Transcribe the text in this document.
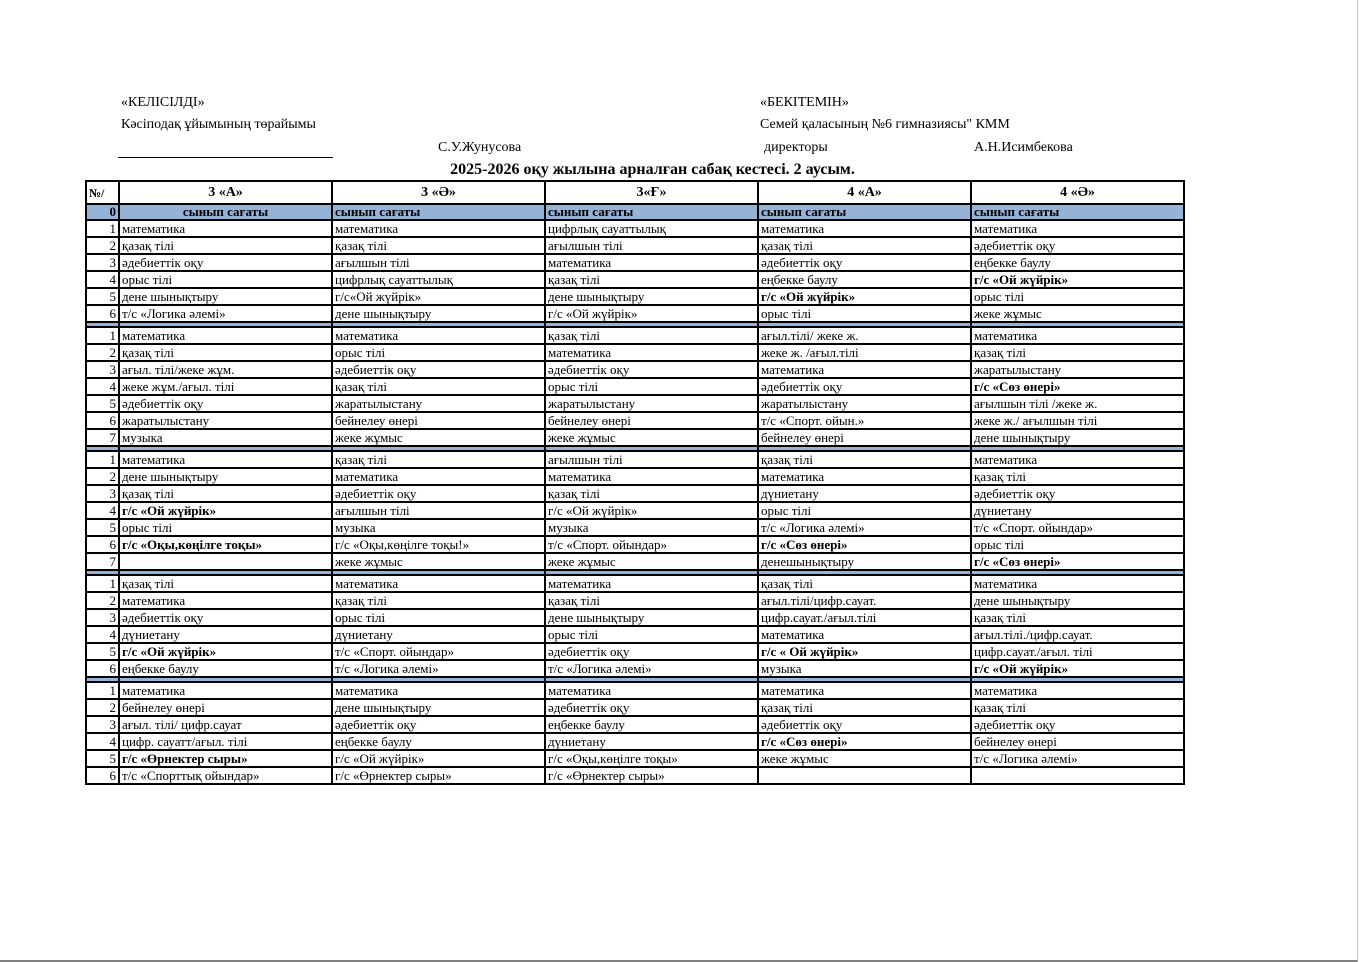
«КЕЛІСІЛДІ»
Кәсіподақ ұйымының төрайымы
С.У.Жунусова
«БЕКІТЕМІН»
Семей қаласының №6 гимназиясы" КММ
директоры	А.Н.Исимбекова
2025-2026 оқу жылына арналған сабақ кестесі. 2 аусым.
№/	3 «А»	3 «Ә»	3«Ғ»	4 «А»	4 «Ә»
0	сынып сағаты	сынып сағаты	сынып сағаты	сынып сағаты	сынып сағаты
1	математика	математика	цифрлық сауаттылық	математика	математика
2	қазақ тілі	қазақ тілі	ағылшын тілі	қазақ тілі	әдебиеттік оқу
3	әдебиеттік оқу	ағылшын тілі	математика	әдебиеттік оқу	еңбекке баулу
4	орыс тілі	цифрлық сауаттылық	қазақ тілі	еңбекке баулу	г/с «Ой жүйрік»
5	дене шынықтыру	г/с«Ой жүйрік»	дене шынықтыру	г/с «Ой жүйрік»	орыс тілі
6	т/с «Логика әлемі»	дене шынықтыру	г/с «Ой жүйрік»	орыс тілі	жеке жұмыс

1	математика	математика	қазақ тілі	ағыл.тілі/ жеке ж.	математика
2	қазақ тілі	орыс тілі	математика	жеке ж. /ағыл.тілі	қазақ тілі
3	ағыл. тілі/жеке жұм.	әдебиеттік оқу	әдебиеттік оқу	математика	жаратылыстану
4	жеке жұм./ағыл. тілі	қазақ тілі	орыс тілі	әдебиеттік оқу	г/с «Сөз өнері»
5	әдебиеттік оқу	жаратылыстану	жаратылыстану	жаратылыстану	ағылшын тілі /жеке ж.
6	жаратылыстану	бейнелеу өнері	бейнелеу өнері	т/с «Спорт. ойын.»	жеке ж./ ағылшын тілі
7	музыка	жеке жұмыс	жеке жұмыс	бейнелеу өнері	дене шынықтыру

1	математика	қазақ тілі	ағылшын тілі	қазақ тілі	математика
2	дене шынықтыру	математика	математика	математика	қазақ тілі
3	қазақ тілі	әдебиеттік оқу	қазақ тілі	дүниетану	әдебиеттік оқу
4	г/с «Ой жүйрік»	ағылшын тілі	г/с «Ой жүйрік»	орыс тілі	дүниетану
5	орыс тілі	музыка	музыка	т/с «Логика әлемі»	т/с «Спорт. ойындар»
6	г/с «Оқы,көңілге тоқы»	г/с «Оқы,көңілге тоқы!»	т/с «Спорт. ойындар»	г/с «Сөз өнері»	орыс тілі
7		жеке жұмыс	жеке жұмыс	денешынықтыру	г/с «Сөз өнері»

1	қазақ тілі	математика	математика	қазақ тілі	математика
2	математика	қазақ тілі	қазақ тілі	ағыл.тілі/цифр.сауат.	дене шынықтыру
3	әдебиеттік оқу	орыс тілі	дене шынықтыру	цифр.сауат./ағыл.тілі	қазақ тілі
4	дүниетану	дүниетану	орыс тілі	математика	ағыл.тілі./цифр.сауат.
5	г/с «Ой жүйрік»	т/с «Спорт. ойындар»	әдебиеттік оқу	г/с « Ой жүйрік»	цифр.сауат./ағыл. тілі
6	еңбекке баулу	т/с «Логика әлемі»	т/с «Логика әлемі»	музыка	г/с «Ой жүйрік»

1	математика	математика	математика	математика	математика
2	бейнелеу өнері	дене шынықтыру	әдебиеттік оқу	қазақ тілі	қазақ тілі
3	ағыл. тілі/ цифр.сауат	әдебиеттік оқу	еңбекке баулу	әдебиеттік оқу	әдебиеттік оқу
4	цифр. сауатт/ағыл. тілі	еңбекке баулу	дүниетану	г/с «Сөз өнері»	бейнелеу өнері
5	г/с «Өрнектер сыры»	г/с «Ой жүйрік»	г/с «Оқы,көңілге тоқы»	жеке жұмыс	т/с «Логика әлемі»
6	т/с «Спорттық ойындар»	г/с «Өрнектер сыры»	г/с «Өрнектер сыры»		
